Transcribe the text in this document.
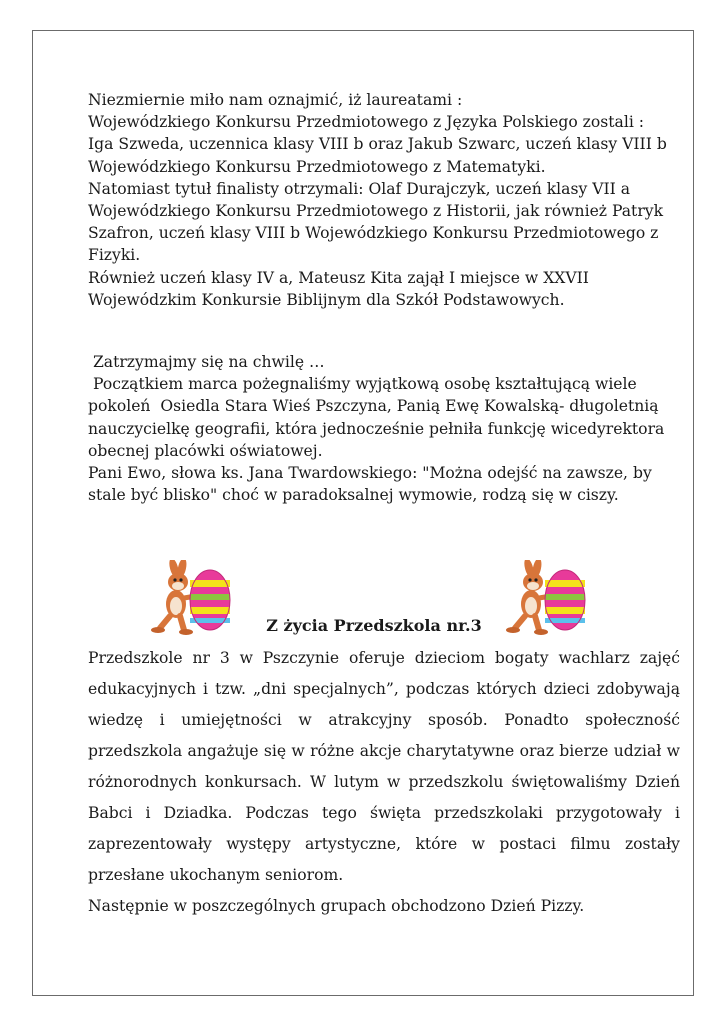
Niezmiernie miło nam oznajmić, iż laureatami :

Wojewódzkiego Konkursu Przedmiotowego z Języka Polskiego zostali :

Iga Szweda, uczennica klasy VIII b oraz Jakub Szwarc, uczeń klasy VIII b

Wojewódzkiego Konkursu Przedmiotowego z Matematyki.

Natomiast tytuł finalisty otrzymali: Olaf Durajczyk, uczeń klasy VII a

Wojewódzkiego Konkursu Przedmiotowego z Historii, jak również Patryk

Szafron, uczeń klasy VIII b Wojewódzkiego Konkursu Przedmiotowego z

Fizyki.

Również uczeń klasy IV a, Mateusz Kita zajął I miejsce w XXVII

Wojewódzkim Konkursie Biblijnym dla Szkół Podstawowych.

Zatrzymajmy się na chwilę …

Początkiem marca pożegnaliśmy wyjątkową osobę kształtującą wiele

pokoleń  Osiedla Stara Wieś Pszczyna, Panią Ewę Kowalską- długoletnią

nauczycielkę geografii, która jednocześnie pełniła funkcję wicedyrektora

obecnej placówki oświatowej.

Pani Ewo, słowa ks. Jana Twardowskiego: "Można odejść na zawsze, by

stale być blisko" choć w paradoksalnej wymowie, rodzą się w ciszy.

Z życia Przedszkola nr.3

Przedszkole nr 3 w Pszczynie oferuje dzieciom bogaty wachlarz zajęć

edukacyjnych i tzw. „dni specjalnych”, podczas których dzieci zdobywają

wiedzę i umiejętności w atrakcyjny sposób. Ponadto społeczność

przedszkola angażuje się w różne akcje charytatywne oraz bierze udział w

różnorodnych konkursach. W lutym w przedszkolu świętowaliśmy Dzień

Babci i Dziadka. Podczas tego święta przedszkolaki przygotowały i

zaprezentowały występy artystyczne, które w postaci filmu zostały

przesłane ukochanym seniorom.

Następnie w poszczególnych grupach obchodzono Dzień Pizzy.
